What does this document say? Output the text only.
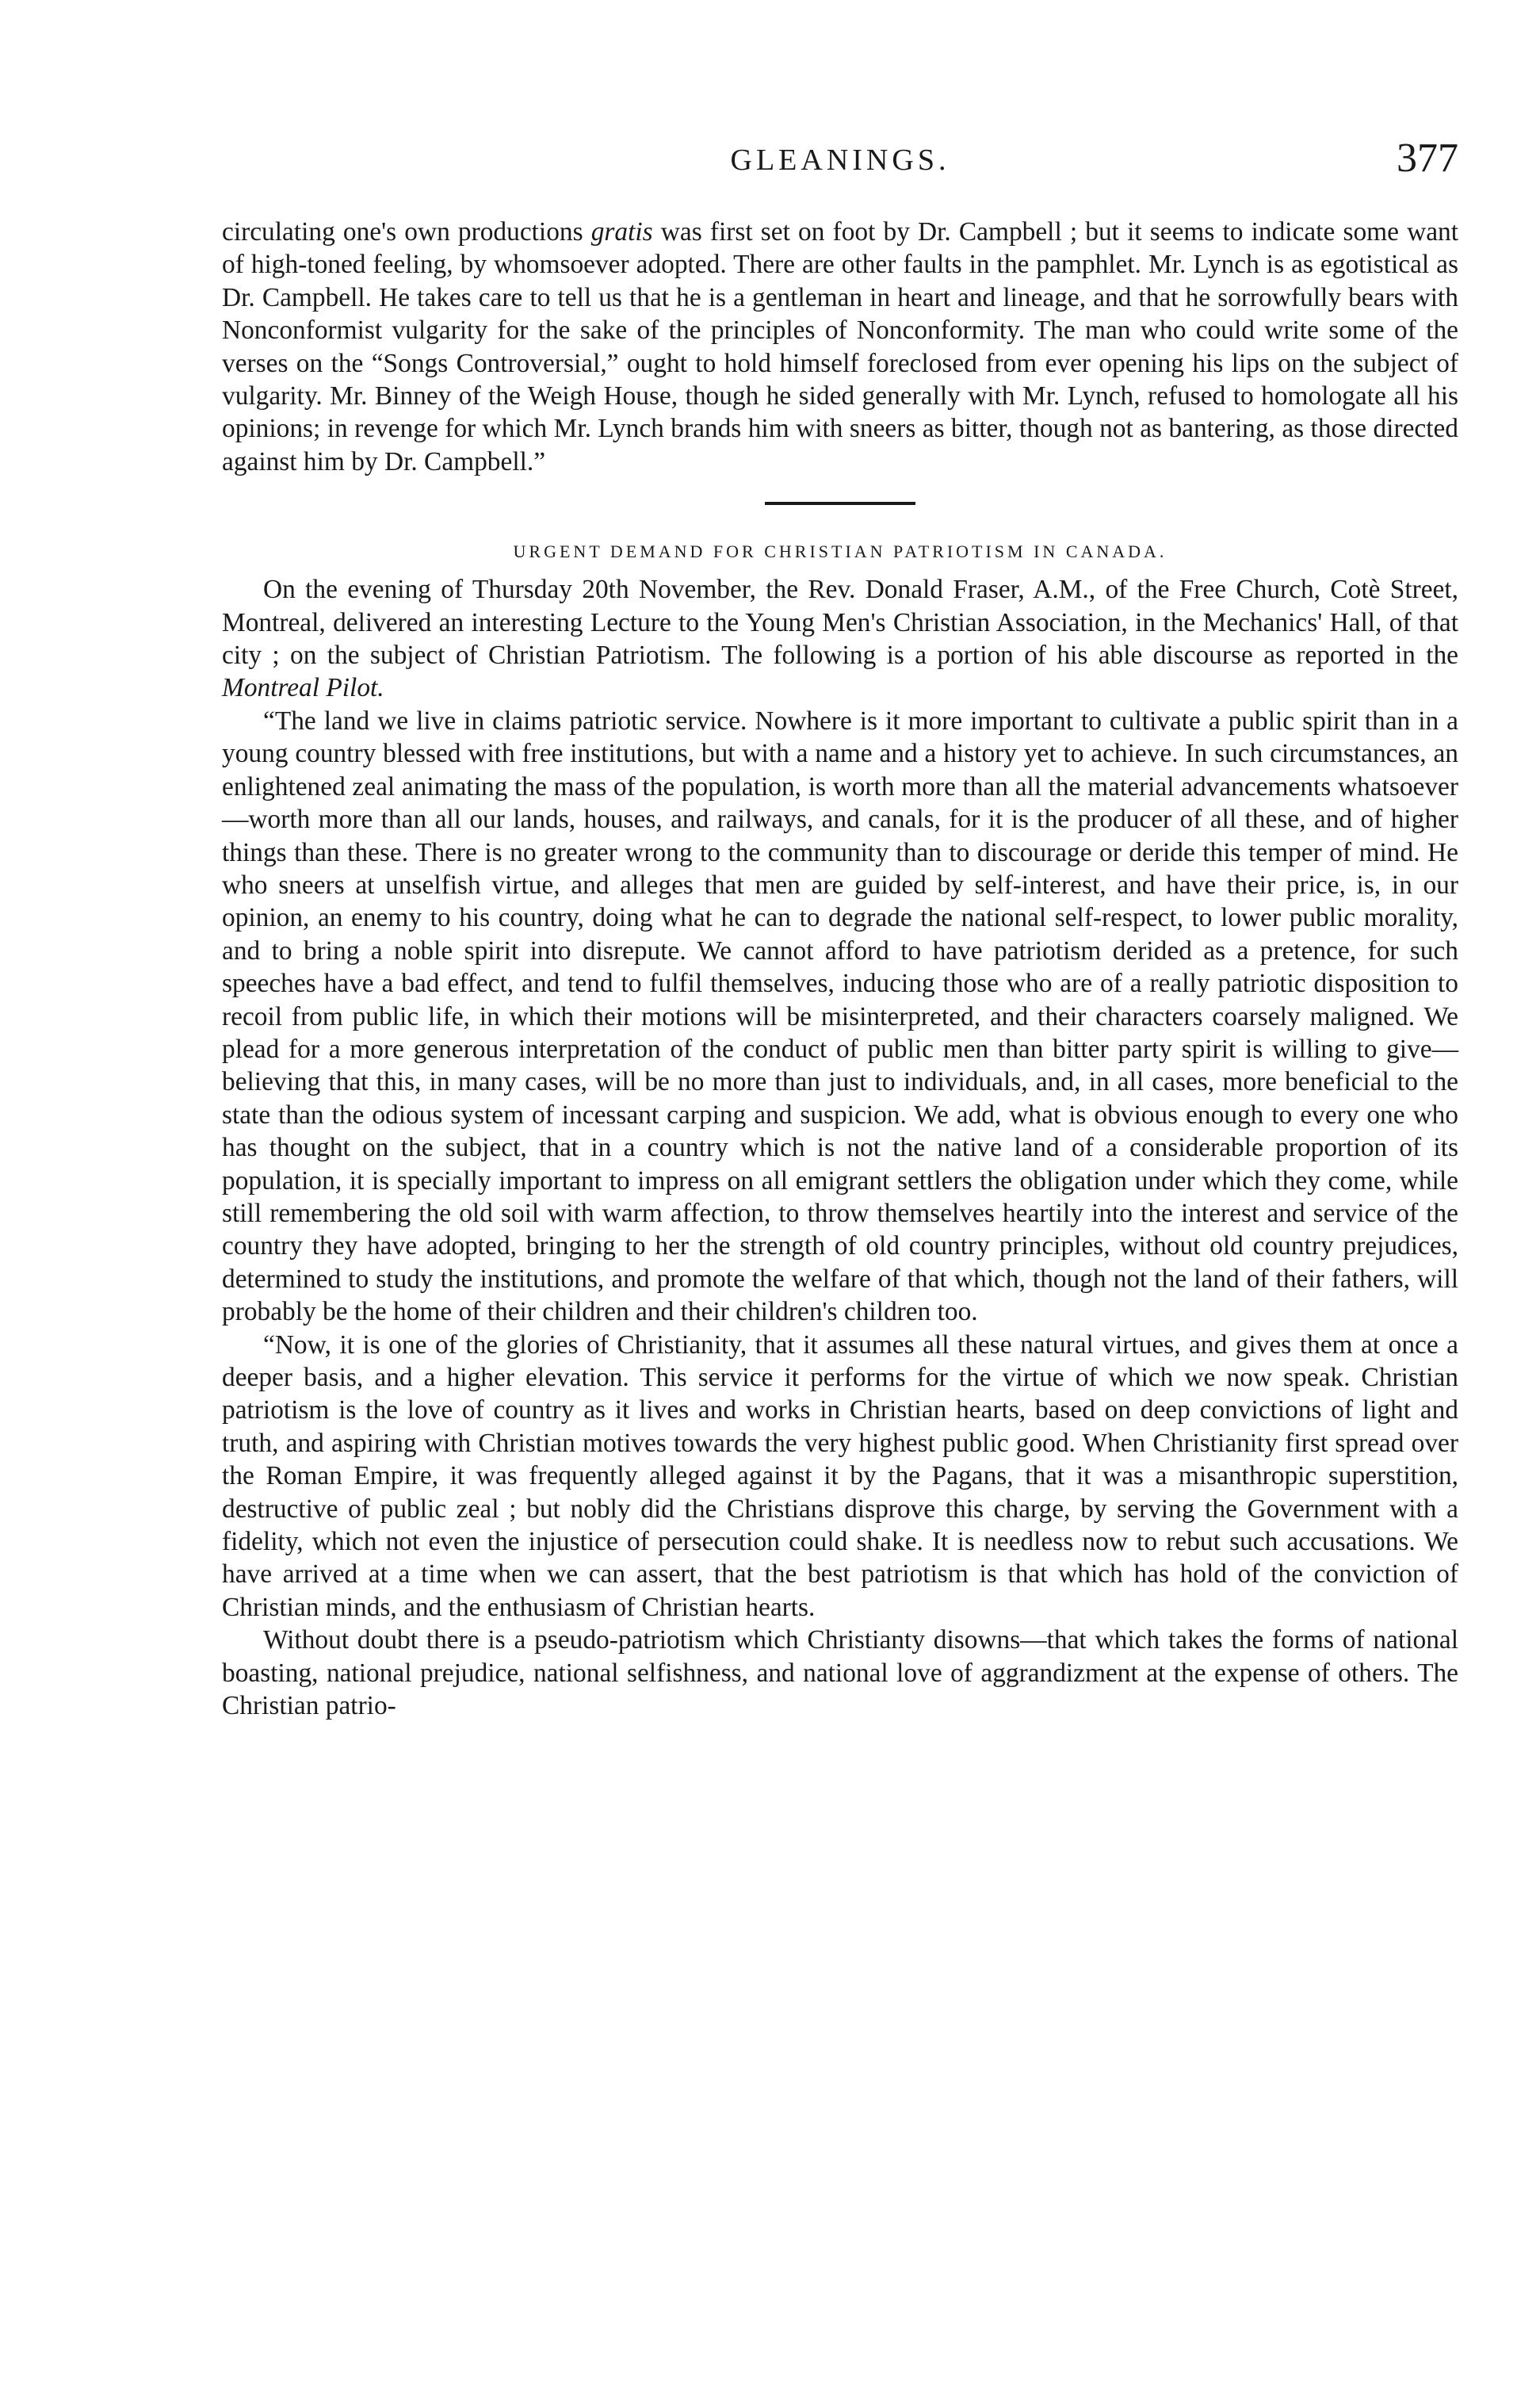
GLEANINGS.	377

circulating one's own productions gratis was first set on foot by Dr. Campbell ; but it seems to indicate some want of high-toned feeling, by whomsoever adopted. There are other faults in the pamphlet. Mr. Lynch is as egotistical as Dr. Campbell. He takes care to tell us that he is a gentleman in heart and lineage, and that he sorrowfully bears with Nonconformist vulgarity for the sake of the principles of Nonconformity. The man who could write some of the verses on the “Songs Controversial,” ought to hold himself foreclosed from ever opening his lips on the subject of vulgarity. Mr. Binney of the Weigh House, though he sided generally with Mr. Lynch, refused to homologate all his opinions; in revenge for which Mr. Lynch brands him with sneers as bitter, though not as bantering, as those directed against him by Dr. Campbell.”

URGENT DEMAND FOR CHRISTIAN PATRIOTISM IN CANADA.

On the evening of Thursday 20th November, the Rev. Donald Fraser, A.M., of the Free Church, Cotè Street, Montreal, delivered an interesting Lecture to the Young Men's Christian Association, in the Mechanics' Hall, of that city ; on the subject of Christian Patriotism. The following is a portion of his able discourse as reported in the Montreal Pilot.

“The land we live in claims patriotic service. Nowhere is it more important to cultivate a public spirit than in a young country blessed with free institutions, but with a name and a history yet to achieve. In such circumstances, an enlightened zeal animating the mass of the population, is worth more than all the material advancements whatsoever—worth more than all our lands, houses, and railways, and canals, for it is the producer of all these, and of higher things than these. There is no greater wrong to the community than to discourage or deride this temper of mind. He who sneers at unselfish virtue, and alleges that men are guided by self-interest, and have their price, is, in our opinion, an enemy to his country, doing what he can to degrade the national self-respect, to lower public morality, and to bring a noble spirit into disrepute. We cannot afford to have patriotism derided as a pretence, for such speeches have a bad effect, and tend to fulfil themselves, inducing those who are of a really patriotic disposition to recoil from public life, in which their motions will be misinterpreted, and their characters coarsely maligned. We plead for a more generous interpretation of the conduct of public men than bitter party spirit is willing to give—believing that this, in many cases, will be no more than just to individuals, and, in all cases, more beneficial to the state than the odious system of incessant carping and suspicion. We add, what is obvious enough to every one who has thought on the subject, that in a country which is not the native land of a considerable proportion of its population, it is specially important to impress on all emigrant settlers the obligation under which they come, while still remembering the old soil with warm affection, to throw themselves heartily into the interest and service of the country they have adopted, bringing to her the strength of old country principles, without old country prejudices, determined to study the institutions, and promote the welfare of that which, though not the land of their fathers, will probably be the home of their children and their children's children too.

“Now, it is one of the glories of Christianity, that it assumes all these natural virtues, and gives them at once a deeper basis, and a higher elevation. This service it performs for the virtue of which we now speak. Christian patriotism is the love of country as it lives and works in Christian hearts, based on deep convictions of light and truth, and aspiring with Christian motives towards the very highest public good. When Christianity first spread over the Roman Empire, it was frequently alleged against it by the Pagans, that it was a misanthropic superstition, destructive of public zeal ; but nobly did the Christians disprove this charge, by serving the Government with a fidelity, which not even the injustice of persecution could shake. It is needless now to rebut such accusations. We have arrived at a time when we can assert, that the best patriotism is that which has hold of the conviction of Christian minds, and the enthusiasm of Christian hearts.

Without doubt there is a pseudo-patriotism which Christianty disowns—that which takes the forms of national boasting, national prejudice, national selfishness, and national love of aggrandizment at the expense of others. The Christian patrio-
